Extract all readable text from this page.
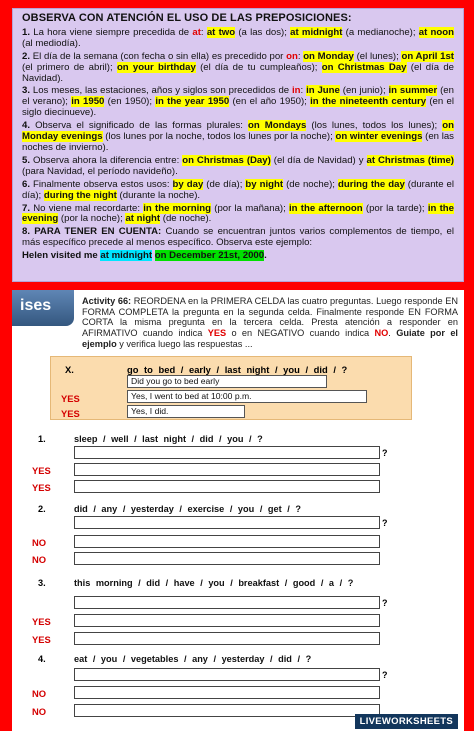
OBSERVA CON ATENCIÓN EL USO DE LAS PREPOSICIONES:
1. La hora viene siempre precedida de at: at two (a las dos); at midnight (a medianoche); at noon (al mediodía).
2. El día de la semana (con fecha o sin ella) es precedido por on: on Monday (el lunes); on April 1st (el primero de abril); on your birthday (el día de tu cumpleaños); on Christmas Day (el día de Navidad).
3. Los meses, las estaciones, años y siglos son precedidos de in: in June (en junio); in summer (en el verano); in 1950 (en 1950); in the year 1950 (en el año 1950); in the nineteenth century (en el siglo diecinueve).
4. Observa el significado de las formas plurales: on Mondays (los lunes, todos los lunes); on Monday evenings (los lunes por la noche, todos los lunes por la noche); on winter evenings (en las noches de invierno).
5. Observa ahora la diferencia entre: on Christmas (Day) (el día de Navidad) y at Christmas (time) (para Navidad, el período navideño).
6. Finalmente observa estos usos: by day (de día); by night (de noche); during the day (durante el día); during the night (durante la noche).
7. No viene mal recordarte: in the morning (por la mañana); in the afternoon (por la tarde); in the evening (por la noche); at night (de noche).
8. PARA TENER EN CUENTA: Cuando se encuentran juntos varios complementos de tiempo, el más específico precede al menos específico. Observa este ejemplo:
Helen visited me at midnight on December 21st, 2000.
ises	Activity 66: REORDENA en la PRIMERA CELDA las cuatro preguntas. Luego responde EN FORMA COMPLETA la pregunta en la segunda celda. Finalmente responde EN FORMA CORTA la misma pregunta en la tercera celda. Presta atención a responder en AFIRMATIVO cuando indica YES o en NEGATIVO cuando indica NO. Guiate por el ejemplo y verifica luego las respuestas ...
X.	go to bed / early / last night / you / did / ?
Did you go to bed early
YES	Yes, I went to bed at 10:00 p.m.
YES	Yes, I did.
1.	sleep / well / last night / did / you / ?
?
YES
YES
2.	did / any / yesterday / exercise / you / get / ?
?
NO
NO
3.	this morning / did / have / you / breakfast / good / a / ?
?
YES
YES
4.	eat / you / vegetables / any / yesterday / did / ?
?
NO
NO
LIVEWORKSHEETS
